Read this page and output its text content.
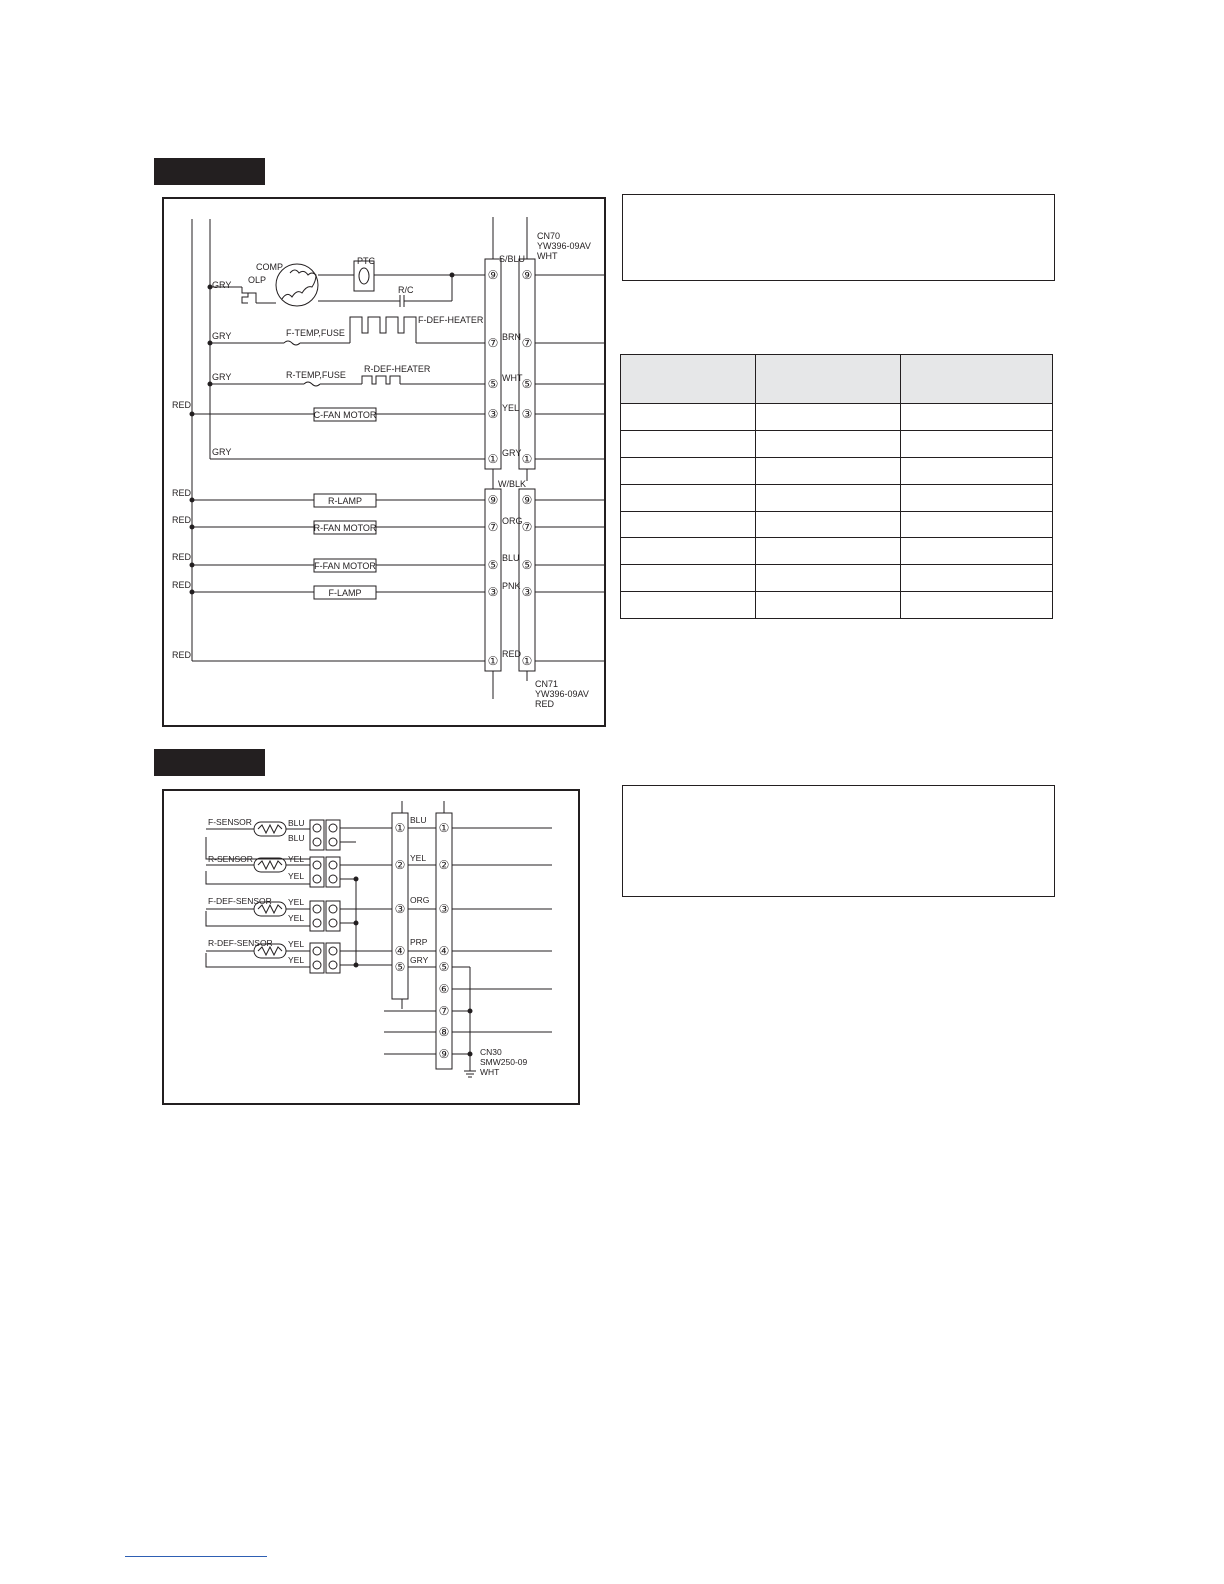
GRY
GRY
GRY
GRY
RED
RED
RED
RED
RED
RED
COMP
OLP
PTC
R/C
F-TEMP,FUSE
F-DEF-HEATER
R-TEMP,FUSE
R-DEF-HEATER
C-FAN MOTOR
R-LAMP
R-FAN MOTOR
F-FAN MOTOR
F-LAMP
S/BLU
BRN
WHT
YEL
GRY
W/BLK
ORG
BLU
PNK
RED
CN70
YW396-09AV
WHT
CN71
YW396-09AV
RED
⑨ ⑨
⑦ ⑦
⑤ ⑤
③ ③
① ①
⑨ ⑨
⑦ ⑦
⑤ ⑤
③ ③
① ①

F-SENSOR
R-SENSOR
F-DEF-SENSOR
R-DEF-SENSOR
BLU
BLU
YEL
YEL
YEL
YEL
YEL
YEL
BLU
YEL
ORG
PRP
GRY
CN30
SMW250-09
WHT
①	①
②	②
③	③
④	④
⑤	⑤
⑥
⑦
⑧
⑨
